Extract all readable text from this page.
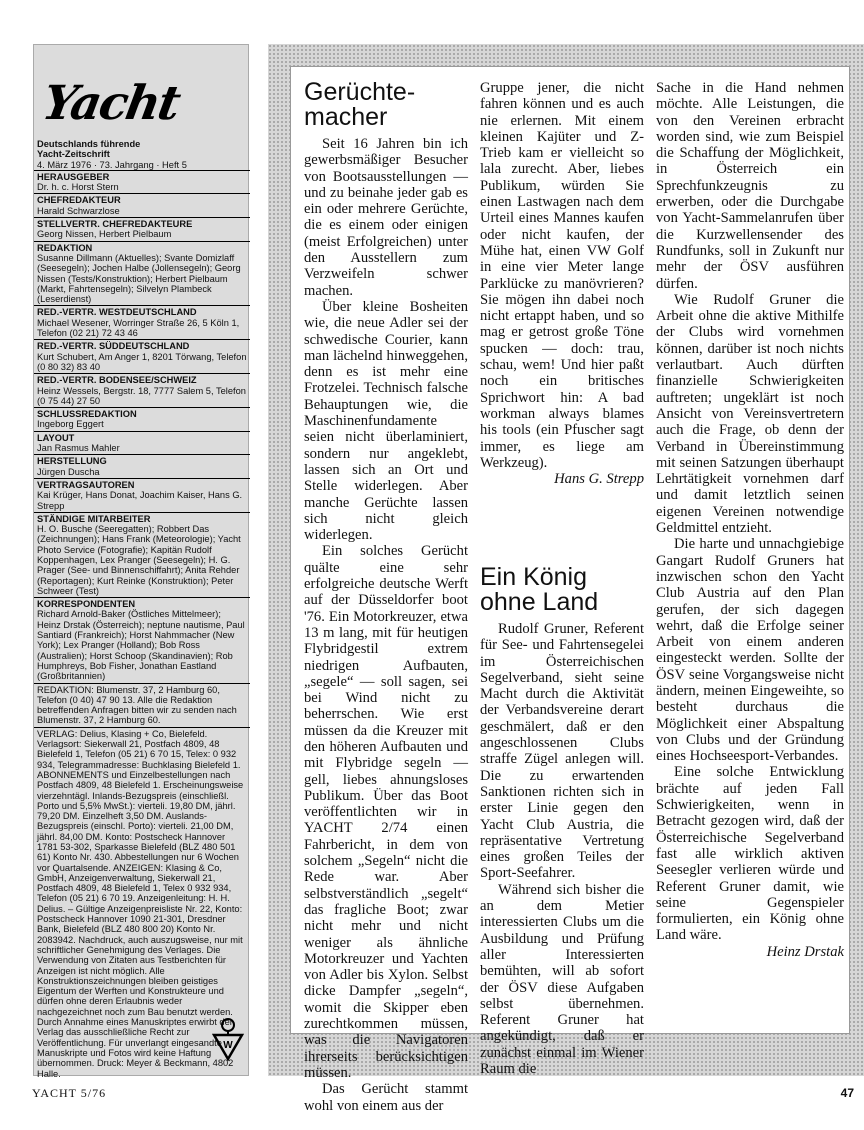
Yacht
Deutschlands führende
Yacht-Zeitschrift
4. März 1976 · 73. Jahrgang · Heft 5
HERAUSGEBER
Dr. h. c. Horst Stern
CHEFREDAKTEUR
Harald Schwarzlose
STELLVERTR. CHEFREDAKTEURE
Georg Nissen, Herbert Pielbaum
REDAKTION
Susanne Dillmann (Aktuelles); Svante Domizlaff (Seesegeln); Jochen Halbe (Jollensegeln); Georg Nissen (Tests/Konstruktion); Herbert Pielbaum (Markt, Fahrtensegeln); Silvelyn Plambeck (Leserdienst)
RED.-VERTR. WESTDEUTSCHLAND
Michael Wesener, Worringer Straße 26, 5 Köln 1, Telefon (02 21) 72 43 46
RED.-VERTR. SÜDDEUTSCHLAND
Kurt Schubert, Am Anger 1, 8201 Törwang, Telefon (0 80 32) 83 40
RED.-VERTR. BODENSEE/SCHWEIZ
Heinz Wessels, Bergstr. 18, 7777 Salem 5, Telefon (0 75 44) 27 50
SCHLUSSREDAKTION
Ingeborg Eggert
LAYOUT
Jan Rasmus Mahler
HERSTELLUNG
Jürgen Duscha
VERTRAGSAUTOREN
Kai Krüger, Hans Donat, Joachim Kaiser, Hans G. Strepp
STÄNDIGE MITARBEITER
H. O. Busche (Seeregatten); Robbert Das (Zeichnungen); Hans Frank (Meteorologie); Yacht Photo Service (Fotografie); Kapitän Rudolf Koppenhagen, Lex Pranger (Seesegeln); H. G. Prager (See- und Binnenschiffahrt); Anita Rehder (Reportagen); Kurt Reinke (Konstruktion); Peter Schweer (Test)
KORRESPONDENTEN
Richard Arnold-Baker (Östliches Mittelmeer); Heinz Drstak (Österreich); neptune nautisme, Paul Santiard (Frankreich); Horst Nahmmacher (New York); Lex Pranger (Holland); Bob Ross (Australien); Horst Schoop (Skandinavien); Rob Humphreys, Bob Fisher, Jonathan Eastland (Großbritannien)
REDAKTION: Blumenstr. 37, 2 Hamburg 60, Telefon (0 40) 47 90 13. Alle die Redaktion betreffenden Anfragen bitten wir zu senden nach Blumenstr. 37, 2 Hamburg 60.
VERLAG: Delius, Klasing + Co, Bielefeld. Verlagsort: Siekerwall 21, Postfach 4809, 48 Bielefeld 1, Telefon (05 21) 6 70 15, Telex: 0 932 934, Telegrammadresse: Buchklasing Bielefeld 1. ABONNEMENTS und Einzelbestellungen nach Postfach 4809, 48 Bielefeld 1. Erscheinungsweise vierzehntägl. Inlands-Bezugspreis (einschließl. Porto und 5,5% MwSt.): vierteli. 19,80 DM, jährl. 79,20 DM. Einzelheft 3,50 DM. Auslands-Bezugspreis (einschl. Porto): vierteli. 21,00 DM, jährl. 84,00 DM. Konto: Postscheck Hannover 1781 53-302, Sparkasse Bielefeld (BLZ 480 501 61) Konto Nr. 430. Abbestellungen nur 6 Wochen vor Quartalsende. ANZEIGEN: Klasing & Co, GmbH, Anzeigenverwaltung, Siekerwall 21, Postfach 4809, 48 Bielefeld 1, Telex 0 932 934, Telefon (05 21) 6 70 19. Anzeigenleitung: H. H. Delius. – Gültige Anzeigenpreisliste Nr. 22, Konto: Postscheck Hannover 1090 21-301, Dresdner Bank, Bielefeld (BLZ 480 800 20) Konto Nr. 2083942. Nachdruck, auch auszugsweise, nur mit schriftlicher Genehmigung des Verlages. Die Verwendung von Zitaten aus Testberichten für Anzeigen ist nicht möglich. Alle Konstruktionszeichnungen bleiben geistiges Eigentum der Werften und Konstrukteure und dürfen ohne deren Erlaubnis weder nachgezeichnet noch zum Bau benutzt werden. Durch Annahme eines Manuskriptes erwirbt der Verlag das ausschließliche Recht zur Veröffentlichung. Für unverlangt eingesandte Manuskripte und Fotos wird keine Haftung übernommen. Druck: Meyer & Beckmann, 4802 Halle.
W
Gerüchte-
macher

Seit 16 Jahren bin ich gewerbsmäßiger Besucher von Bootsausstellungen — und zu beinahe jeder gab es ein oder mehrere Gerüchte, die es einem oder einigen (meist Erfolgreichen) unter den Ausstellern zum Verzweifeln schwer machen.

Über kleine Bosheiten wie, die neue Adler sei der schwedische Courier, kann man lächelnd hinweggehen, denn es ist mehr eine Frotzelei. Technisch falsche Behauptungen wie, die Maschinenfundamente seien nicht überlaminiert, sondern nur angeklebt, lassen sich an Ort und Stelle widerlegen. Aber manche Gerüchte lassen sich nicht gleich widerlegen.

Ein solches Gerücht quälte eine sehr erfolgreiche deutsche Werft auf der Düsseldorfer boot '76. Ein Motorkreuzer, etwa 13 m lang, mit für heutigen Flybridgestil extrem niedrigen Aufbauten, „segele“ — soll sagen, sei bei Wind nicht zu beherrschen. Wie erst müssen da die Kreuzer mit den höheren Aufbauten und mit Flybridge segeln — gell, liebes ahnungsloses Publikum. Über das Boot veröffentlichten wir in YACHT 2/74 einen Fahrbericht, in dem von solchem „Segeln“ nicht die Rede war. Aber selbstverständlich „segelt“ das fragliche Boot; zwar nicht mehr und nicht weniger als ähnliche Motorkreuzer und Yachten von Adler bis Xylon. Selbst dicke Dampfer „segeln“, womit die Skipper eben zurechtkommen müssen, was die Navigatoren ihrerseits berücksichtigen müssen.

Das Gerücht stammt wohl von einem aus der

Gruppe jener, die nicht fahren können und es auch nie erlernen. Mit einem kleinen Kajüter und Z-Trieb kam er vielleicht so lala zurecht. Aber, liebes Publikum, würden Sie einen Lastwagen nach dem Urteil eines Mannes kaufen oder nicht kaufen, der Mühe hat, einen VW Golf in eine vier Meter lange Parklücke zu manövrieren? Sie mögen ihn dabei noch nicht ertappt haben, und so mag er getrost große Töne spucken — doch: trau, schau, wem! Und hier paßt noch ein britisches Sprichwort hin: A bad workman always blames his tools (ein Pfuscher sagt immer, es liege am Werkzeug).

Hans G. Strepp

Ein König
ohne Land

Rudolf Gruner, Referent für See- und Fahrtensegelei im Österreichischen Segelverband, sieht seine Macht durch die Aktivität der Verbandsvereine derart geschmälert, daß er den angeschlossenen Clubs straffe Zügel anlegen will. Die zu erwartenden Sanktionen richten sich in erster Linie gegen den Yacht Club Austria, die repräsentative Vertretung eines großen Teiles der Sport-Seefahrer.

Während sich bisher die an dem Metier interessierten Clubs um die Ausbildung und Prüfung aller Interessierten bemühten, will ab sofort der ÖSV diese Aufgaben selbst übernehmen. Referent Gruner hat angekündigt, daß er zunächst einmal im Wiener Raum die

Sache in die Hand nehmen möchte. Alle Leistungen, die von den Vereinen erbracht worden sind, wie zum Beispiel die Schaffung der Möglichkeit, in Österreich ein Sprechfunkzeugnis zu erwerben, oder die Durchgabe von Yacht-Sammelanrufen über die Kurzwellensender des Rundfunks, soll in Zukunft nur mehr der ÖSV ausführen dürfen.

Wie Rudolf Gruner die Arbeit ohne die aktive Mithilfe der Clubs wird vornehmen können, darüber ist noch nichts verlautbart. Auch dürften finanzielle Schwierigkeiten auftreten; ungeklärt ist noch Ansicht von Vereinsvertretern auch die Frage, ob denn der Verband in Übereinstimmung mit seinen Satzungen überhaupt Lehrtätigkeit vornehmen darf und damit letztlich seinen eigenen Vereinen notwendige Geldmittel entzieht.

Die harte und unnachgiebige Gangart Rudolf Gruners hat inzwischen schon den Yacht Club Austria auf den Plan gerufen, der sich dagegen wehrt, daß die Erfolge seiner Arbeit von einem anderen eingesteckt werden. Sollte der ÖSV seine Vorgangsweise nicht ändern, meinen Eingeweihte, so besteht durchaus die Möglichkeit einer Abspaltung von Clubs und der Gründung eines Hochseesport-Verbandes.

Eine solche Entwicklung brächte auf jeden Fall Schwierigkeiten, wenn in Betracht gezogen wird, daß der Österreichische Segelverband fast alle wirklich aktiven Seesegler verlieren würde und Referent Gruner damit, wie seine Gegenspieler formulierten, ein König ohne Land wäre.

Heinz Drstak

YACHT 5/76	47
